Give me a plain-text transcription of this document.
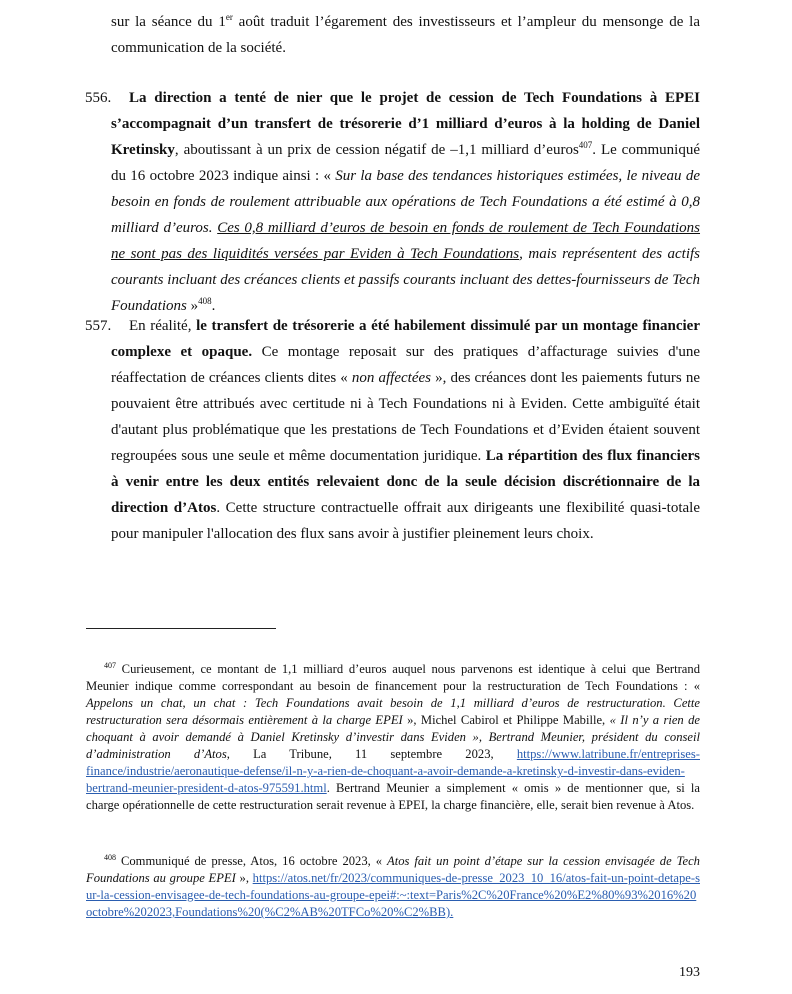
sur la séance du 1er août traduit l’égarement des investisseurs et l’ampleur du mensonge de la communication de la société.
556.	La direction a tenté de nier que le projet de cession de Tech Foundations à EPEI s’accompagnait d’un transfert de trésorerie d’1 milliard d’euros à la holding de Daniel Kretinsky, aboutissant à un prix de cession négatif de –1,1 milliard d’euros$^{407}$. Le communiqué du 16 octobre 2023 indique ainsi : « Sur la base des tendances historiques estimées, le niveau de besoin en fonds de roulement attribuable aux opérations de Tech Foundations a été estimé à 0,8 milliard d’euros. Ces 0,8 milliard d’euros de besoin en fonds de roulement de Tech Foundations ne sont pas des liquidités versées par Eviden à Tech Foundations, mais représentent des actifs courants incluant des créances clients et passifs courants incluant des dettes-fournisseurs de Tech Foundations »$^{408}$.
557.	En réalité, le transfert de trésorerie a été habilement dissimulé par un montage financier complexe et opaque. Ce montage reposait sur des pratiques d’affacturage suivies d'une réaffectation de créances clients dites « non affectées », des créances dont les paiements futurs ne pouvaient être attribués avec certitude ni à Tech Foundations ni à Eviden. Cette ambiguïté était d'autant plus problématique que les prestations de Tech Foundations et d’Eviden étaient souvent regroupées sous une seule et même documentation juridique. La répartition des flux financiers à venir entre les deux entités relevaient donc de la seule décision discrétionnaire de la direction d’Atos. Cette structure contractuelle offrait aux dirigeants une flexibilité quasi-totale pour manipuler l'allocation des flux sans avoir à justifier pleinement leurs choix.
$^{407}$ Curieusement, ce montant de 1,1 milliard d’euros auquel nous parvenons est identique à celui que Bertrand Meunier indique comme correspondant au besoin de financement pour la restructuration de Tech Foundations : « Appelons un chat, un chat : Tech Foundations avait besoin de 1,1 milliard d’euros de restructuration. Cette restructuration sera désormais entièrement à la charge EPEI », Michel Cabirol et Philippe Mabille, « Il n’y a rien de choquant à avoir demandé à Daniel Kretinsky d’investir dans Eviden », Bertrand Meunier, président du conseil d’administration d’Atos, La Tribune, 11 septembre 2023, https://www.latribune.fr/entreprises-finance/industrie/aeronautique-defense/il-n-y-a-rien-de-choquant-a-avoir-demande-a-kretinsky-d-investir-dans-eviden-bertrand-meunier-president-d-atos-975591.html. Bertrand Meunier a simplement « omis » de mentionner que, si la charge opérationnelle de cette restructuration serait revenue à EPEI, la charge financière, elle, serait bien revenue à Atos.
$^{408}$ Communiqué de presse, Atos, 16 octobre 2023, « Atos fait un point d’étape sur la cession envisagée de Tech Foundations au groupe EPEI », https://atos.net/fr/2023/communiques-de-presse_2023_10_16/atos-fait-un-point-detape-sur-la-cession-envisagee-de-tech-foundations-au-groupe-epei#:~:text=Paris%2C%20France%20%E2%80%93%2016%20octobre%202023,Foundations%20(%C2%AB%20TFCo%20%C2%BB).
193
